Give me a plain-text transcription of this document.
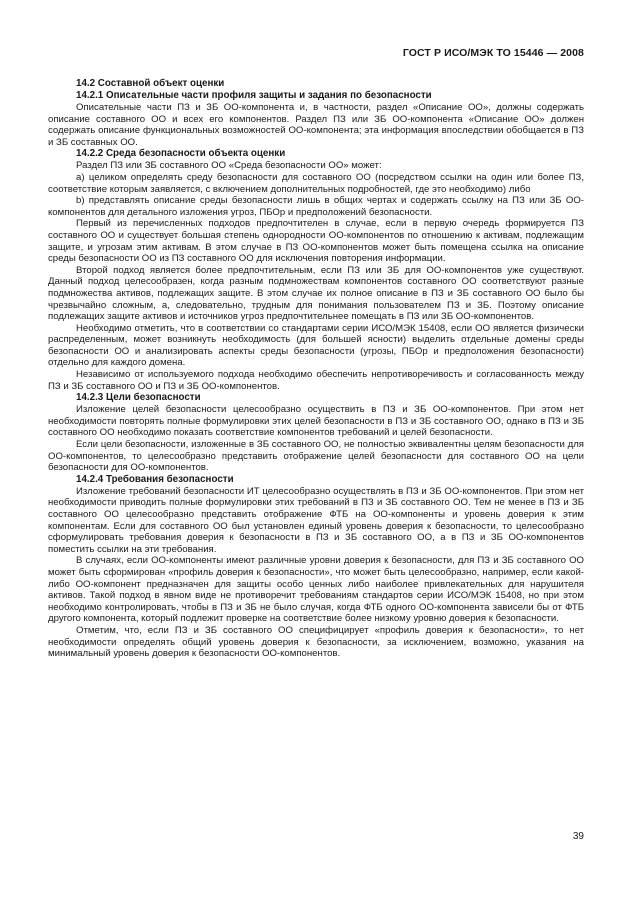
ГОСТ Р ИСО/МЭК ТО 15446 — 2008
14.2 Составной объект оценки
14.2.1 Описательные части профиля защиты и задания по безопасности

Описательные части ПЗ и ЗБ ОО-компонента и, в частности, раздел «Описание ОО», должны содержать описание составного ОО и всех его компонентов. Раздел ПЗ или ЗБ ОО-компонента «Описание ОО» должен содержать описание функциональных возможностей ОО-компонента; эта информация впоследствии обобщается в ПЗ и ЗБ составных ОО.

14.2.2 Среда безопасности объекта оценки

Раздел ПЗ или ЗБ составного ОО «Среда безопасности ОО» может:

a) целиком определять среду безопасности для составного ОО (посредством ссылки на один или более ПЗ, соответствие которым заявляется, с включением дополнительных подробностей, где это необходимо) либо

b) представлять описание среды безопасности лишь в общих чертах и содержать ссылку на ПЗ или ЗБ ОО-компонентов для детального изложения угроз, ПБОр и предположений безопасности.

Первый из перечисленных подходов предпочтителен в случае, если в первую очередь формируется ПЗ составного ОО и существует большая степень однородности ОО-компонентов по отношению к активам, подлежащим защите, и угрозам этим активам. В этом случае в ПЗ ОО-компонентов может быть помещена ссылка на описание среды безопасности ОО из ПЗ составного ОО для исключения повторения информации.

Второй подход является более предпочтительным, если ПЗ или ЗБ для ОО-компонентов уже существуют. Данный подход целесообразен, когда разным подмножествам компонентов составного ОО соответствуют разные подмножества активов, подлежащих защите. В этом случае их полное описание в ПЗ и ЗБ составного ОО было бы чрезвычайно сложным, а, следовательно, трудным для понимания пользователем ПЗ и ЗБ. Поэтому описание подлежащих защите активов и источников угроз предпочтительнее помещать в ПЗ или ЗБ ОО-компонентов.

Необходимо отметить, что в соответствии со стандартами серии ИСО/МЭК 15408, если ОО является физически распределенным, может возникнуть необходимость (для большей ясности) выделить отдельные домены среды безопасности ОО и анализировать аспекты среды безопасности (угрозы, ПБОр и предположения безопасности) отдельно для каждого домена.

Независимо от используемого подхода необходимо обеспечить непротиворечивость и согласованность между ПЗ и ЗБ составного ОО и ПЗ и ЗБ ОО-компонентов.

14.2.3 Цели безопасности

Изложение целей безопасности целесообразно осуществить в ПЗ и ЗБ ОО-компонентов. При этом нет необходимости повторять полные формулировки этих целей безопасности в ПЗ и ЗБ составного ОО, однако в ПЗ и ЗБ составного ОО необходимо показать соответствие компонентов требований и целей безопасности.

Если цели безопасности, изложенные в ЗБ составного ОО, не полностью эквивалентны целям безопасности для ОО-компонентов, то целесообразно представить отображение целей безопасности для составного ОО на цели безопасности для ОО-компонентов.

14.2.4 Требования безопасности

Изложение требований безопасности ИТ целесообразно осуществлять в ПЗ и ЗБ ОО-компонентов. При этом нет необходимости приводить полные формулировки этих требований в ПЗ и ЗБ составного ОО. Тем не менее в ПЗ и ЗБ составного ОО целесообразно представить отображение ФТБ на ОО-компоненты и уровень доверия к этим компонентам. Если для составного ОО был установлен единый уровень доверия к безопасности, то целесообразно сформулировать требования доверия к безопасности в ПЗ и ЗБ составного ОО, а в ПЗ и ЗБ ОО-компонентов поместить ссылки на эти требования.

В случаях, если ОО-компоненты имеют различные уровни доверия к безопасности, для ПЗ и ЗБ составного ОО может быть сформирован «профиль доверия к безопасности», что может быть целесообразно, например, если какой-либо ОО-компонент предназначен для защиты особо ценных либо наиболее привлекательных для нарушителя активов. Такой подход в явном виде не противоречит требованиям стандартов серии ИСО/МЭК 15408, но при этом необходимо контролировать, чтобы в ПЗ и ЗБ не было случая, когда ФТБ одного ОО-компонента зависели бы от ФТБ другого компонента, который подлежит проверке на соответствие более низкому уровню доверия к безопасности.

Отметим, что, если ПЗ и ЗБ составного ОО специфицирует «профиль доверия к безопасности», то нет необходимости определять общий уровень доверия к безопасности, за исключением, возможно, указания на минимальный уровень доверия к безопасности ОО-компонентов.

39
